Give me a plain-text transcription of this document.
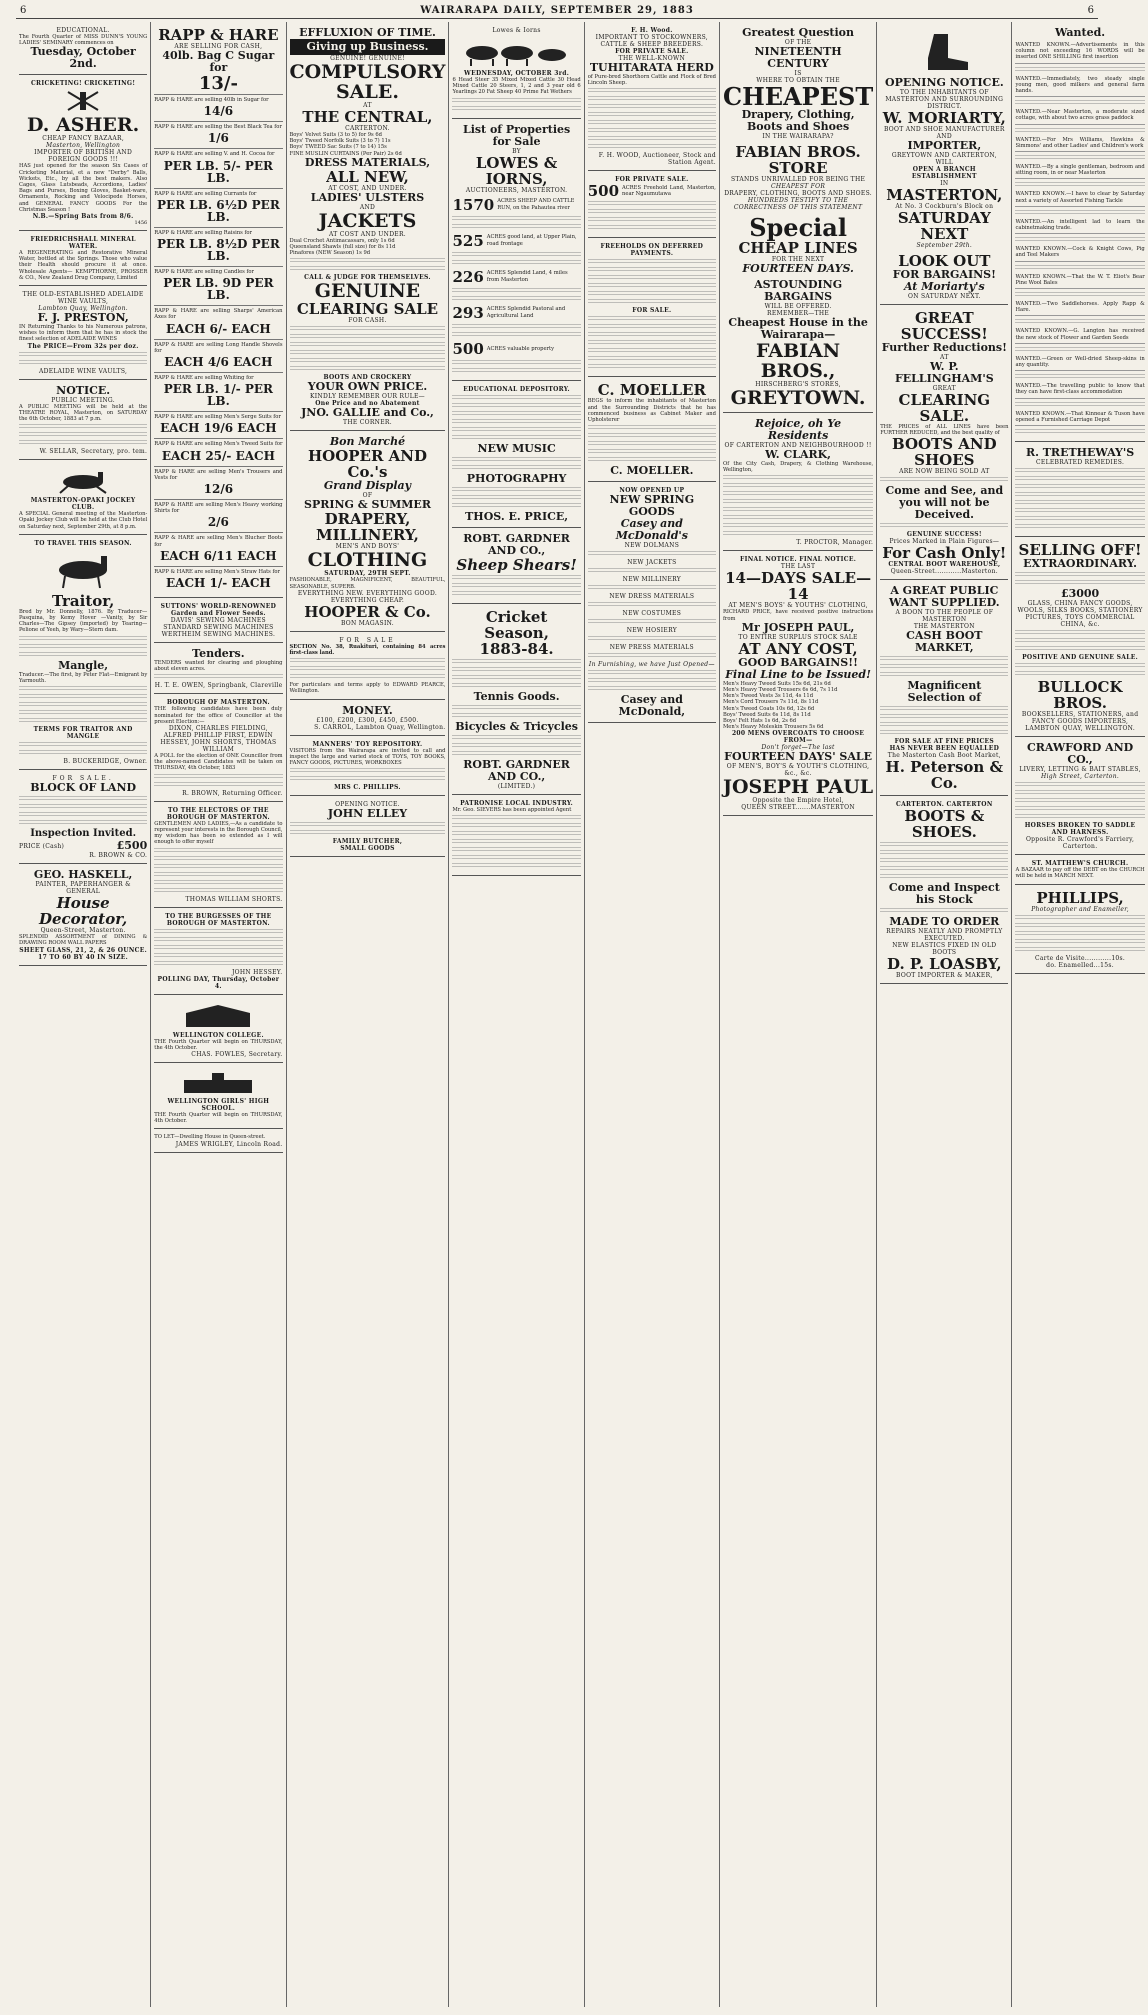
6	WAIRARAPA DAILY, SEPTEMBER 29, 1883	6
EDUCATIONAL.
The Fourth Quarter of MISS DUNN'S YOUNG LADIES' SEMINARY commences on
Tuesday, October 2nd.
CRICKETING! CRICKETING!
D. ASHER.
CHEAP FANCY BAZAAR,
Masterton, Wellington
IMPORTER OF BRITISH AND FOREIGN GOODS !!!
HAS just opened for the season Six Cases of Cricketing Material, et a new "Derby" Balls, Wickets, Etc., by all the best makers. Also Cages, Glass Lutsbeads, Accordions, Ladies' Bags and Purses, Boxing Gloves, Basket-ware, Ornaments, Rocking and Velocipede Horses, and GENERAL FANCY GOODS For the Christmas Season !
N.B.—Spring Bats from 8/6.
1456
FRIEDRICHSHALL MINERAL WATER.
A REGENERATING and Restorative Mineral Water, bottled at the Springs. Those who value their Health should procure it at once. Wholesale Agents— KEMPTHORNE, PROSSER & CO., New Zealand Drug Company, Limited
THE OLD-ESTABLISHED ADELAIDE WINE VAULTS,
Lambton Quay, Wellington.
F. J. PRESTON,
IN Returning Thanks to his Numerous patrons, wishes to inform them that he has in stock the finest selection of ADELAIDE WINES
The PRICE—From 32s per doz.
ADELAIDE WINE VAULTS,
NOTICE.
PUBLIC MEETING.
A PUBLIC MEETING will be held at the THEATRE ROYAL, Masterton, on SATURDAY the 6th October, 1883 at 7 p.m.
W. SELLAR, Secretary, pro. tem.
MASTERTON-OPAKI JOCKEY CLUB.
A SPECIAL General meeting of the Masterton-Opaki Jockey Club will be held at the Club Hotel on Saturday next, September 29th, at 8 p.m.
TO TRAVEL THIS SEASON.
Traitor,
Bred by Mr. Donnelly, 1876. By Traducer—Pasquina, by Kemy Hover —Vanity, by Sir Charles—The Gipsey (imported) by Tearing—Pelione of Yeeh, by Wary—Stern dam.
Mangle,
Traducer.—The first, by Peter Flat—Emigrant by Yarmouth.
TERMS FOR TRAITOR AND MANGLE
B. BUCKERIDGE, Owner.
FOR SALE.
BLOCK OF LAND
Inspection Invited.
PRICE (Cash)	£500
R. BROWN & CO.
GEO. HASKELL,
PAINTER, PAPERHANGER & GENERAL
House Decorator,
Queen-Street, Masterton.
SPLENDID ASSORTMENT of DINING & DRAWING ROOM WALL PAPERS
SHEET GLASS, 21, 2, & 26 OUNCE. 17 TO 60 BY 40 IN SIZE.
RAPP & HARE
ARE SELLING FOR CASH,
40lb. Bag C Sugar for
13/-
RAPP & HARE are selling 40lb in Sugar for
14/6
RAPP & HARE are selling the Best Black Tea for
1/6
RAPP & HARE are selling V. and H. Cocoa for
PER LB. 5/- PER LB.
RAPP & HARE are selling Currants for
PER LB. 6½D PER LB.
RAPP & HARE are selling Raisins for
PER LB. 8½D PER LB.
RAPP & HARE are selling Candles for
PER LB. 9D PER LB.
RAPP & HARE are selling Sharps' American Axes for
EACH 6/- EACH
RAPP & HARE are selling Long Handle Shovels for
EACH 4/6 EACH
RAPP & HARE are selling Whiting for
PER LB. 1/- PER LB.
RAPP & HARE are selling Men's Serge Suits for
EACH 19/6 EACH
RAPP & HARE are selling Men's Tweed Suits for
EACH 25/- EACH
RAPP & HARE are selling Men's Trousers and Vests for
12/6
RAPP & HARE are selling Men's Heavy working Shirts for
2/6
RAPP & HARE are selling Men's Blucher Boots for
EACH 6/11 EACH
RAPP & HARE are selling Men's Straw Hats for
EACH 1/- EACH
SUTTONS' WORLD-RENOWNED Garden and Flower Seeds.
DAVIS' SEWING MACHINES STANDARD SEWING MACHINES WERTHEIM SEWING MACHINES.
Tenders.
TENDERS wanted for clearing and ploughing about eleven acres.
H. T. E. OWEN, Springbank, Clareville
BOROUGH OF MASTERTON.
THE following candidates have been duly nominated for the office of Councillor at the present Election:—
DIXON, CHARLES FIELDING, ALFRED PHILLIP FIRST, EDWIN HESSEY, JOHN SHORTS, THOMAS WILLIAM
A POLL for the election of ONE Councillor from the above-named Candidates will be taken on THURSDAY, 4th October, 1883
R. BROWN, Returning Officer.
TO THE ELECTORS OF THE BOROUGH OF MASTERTON.
GENTLEMEN AND LADIES,—As a candidate to represent your interests in the Borough Council, my wisdom has been so extended as I will enough to offer myself
THOMAS WILLIAM SHORTS.
TO THE BURGESSES OF THE BOROUGH OF MASTERTON.
JOHN HESSEY.
POLLING DAY, Thursday, October 4.
WELLINGTON COLLEGE.
THE Fourth Quarter will begin on THURSDAY, the 4th October.
CHAS. FOWLES, Secretary.
WELLINGTON GIRLS' HIGH SCHOOL.
THE Fourth Quarter will begin on THURSDAY, 4th October.
TO LET—Dwelling House in Queen-street.
JAMES WRIGLEY, Lincoln Road.
EFFLUXION OF TIME.
Giving up Business.
GENUINE! GENUINE!
COMPULSORY
SALE.
AT
THE CENTRAL,
CARTERTON.
Boys' Velvet Suits (3 to 5) for 9s 6d
Boys' Tweed Norfolk Suits (3 to 7) 11s
Boys' TWEED Sac Suits (7 to 14) 15s
FINE MUSLIN CURTAINS (Per Pair) 2s 6d
DRESS MATERIALS,
ALL NEW,
AT COST, AND UNDER.
LADIES' ULSTERS
AND
JACKETS
AT COST AND UNDER.
Dual Crochet Antimacassars, only 1s 6d
Queensland Shawls (full size) for 8s 11d
Pinafores (NEW Season) 1s 9d
CALL & JUDGE FOR THEMSELVES.
GENUINE
CLEARING SALE
FOR CASH.
BOOTS AND CROCKERY
YOUR OWN PRICE.
KINDLY REMEMBER OUR RULE—
One Price and no Abatement
JNO. GALLIE and Co.,
THE CORNER.
Bon Marché
HOOPER AND Co.'s
Grand Display
OF
SPRING & SUMMER
DRAPERY,
MILLINERY,
MEN'S AND BOYS'
CLOTHING
SATURDAY, 29TH SEPT.
FASHIONABLE, MAGNIFICENT, BEAUTIFUL, SEASONABLE, SUPERB.
EVERYTHING NEW. EVERYTHING GOOD. EVERYTHING CHEAP.
HOOPER & Co.
BON MAGASIN.
FOR SALE
SECTION No. 38, Ruakituri, containing 84 acres first-class land.
For particulars and terms apply to EDWARD PEARCE, Wellington.
MONEY.
£100, £200, £300, £450, £500.
S. CARROL, Lambton Quay, Wellington.
MANNERS' TOY REPOSITORY.
VISITORS from the Wairarapa are invited to call and inspect the large and varied stock of TOYS, TOY BOOKS, FANCY GOODS, PICTURES, WORKBOXES
MRS C. PHILLIPS.
OPENING NOTICE.
JOHN ELLEY
FAMILY BUTCHER,
SMALL GOODS
Lowes & Iorns
WEDNESDAY, OCTOBER 3rd.
6 Head Steer 35 Mixed Mixed Cattle 30 Head Mixed Cattle 20 Steers, 1, 2 and 3 year old 6 Yearlings 20 Fat Sheep 40 Prime Fat Wethers
List of Properties for Sale
BY
LOWES & IORNS,
AUCTIONEERS, MASTERTON.
1570 ACRES SHEEP AND CATTLE RUN, on the Pahautea river
525 ACRES good land, at Upper Plain, road frontage
226 ACRES Splendid Land, 4 miles from Masterton
293 ACRES Splendid Pastoral and Agricultural Land
500 ACRES valuable property
EDUCATIONAL DEPOSITORY.
NEW MUSIC
PHOTOGRAPHY
THOS. E. PRICE,
ROBT. GARDNER AND CO.,
Sheep Shears!
Cricket Season,
1883-84.
Tennis Goods.
Bicycles & Tricycles
ROBT. GARDNER AND CO.,
(LIMITED.)
PATRONISE LOCAL INDUSTRY.
Mr. Geo. SIEVERS has been appointed Agent
F. H. Wood.
IMPORTANT TO STOCKOWNERS, CATTLE & SHEEP BREEDERS.
FOR PRIVATE SALE.
THE WELL-KNOWN
TUHITARATA HERD
of Pure-bred Shorthorn Cattle and Flock of Bred Lincoln Sheep.
F. H. WOOD, Auctioneer, Stock and Station Agent.
FOR PRIVATE SALE.
500 ACRES Freehold Land, Masterton, near Ngaumutawa
FREEHOLDS ON DEFERRED PAYMENTS.
FOR SALE.
C. MOELLER
BEGS to inform the inhabitants of Masterton and the Surrounding Districts that he has commenced business as Cabinet Maker and Upholsterer
C. MOELLER.
NOW OPENED UP
NEW SPRING GOODS
Casey and McDonald's
NEW DOLMANS
NEW JACKETS
NEW MILLINERY
NEW DRESS MATERIALS
NEW COSTUMES
NEW HOSIERY
NEW PRESS MATERIALS
In Furnishing, we have Just Opened—
Casey and McDonald,
Greatest Question
OF THE
NINETEENTH CENTURY
IS
WHERE TO OBTAIN THE
CHEAPEST
Drapery, Clothing, Boots and Shoes
IN THE WAIRARAPA?
FABIAN BROS. STORE
STANDS UNRIVALLED FOR BEING THE
CHEAPEST FOR
DRAPERY, CLOTHING, BOOTS AND SHOES.
HUNDREDS TESTIFY TO THE CORRECTNESS OF THIS STATEMENT
Special
CHEAP LINES
FOR THE NEXT
FOURTEEN DAYS.
ASTOUNDING BARGAINS
WILL BE OFFERED.
REMEMBER—THE
Cheapest House in the Wairarapa—
FABIAN BROS.,
HIRSCHBERG'S STORES,
GREYTOWN.
Rejoice, oh Ye Residents
OF CARTERTON AND NEIGHBOURHOOD !!
W. CLARK,
Of the City Cash, Drapery, & Clothing Warehouse, Wellington,
T. PROCTOR, Manager.
FINAL NOTICE. FINAL NOTICE.
THE LAST
14—DAYS SALE—14
AT MEN'S BOYS' & YOUTHS' CLOTHING,
RICHARD PRICE, have received positive instructions from
Mr JOSEPH PAUL,
TO ENTIRE SURPLUS STOCK SALE
AT ANY COST,
GOOD BARGAINS!!
Final Line to be Issued!
Men's Heavy Tweed Suits 15s 6d, 21s 6d
Men's Heavy Tweed Trousers 6s 6d, 7s 11d
Men's Tweed Vests 3s 11d, 4s 11d
Men's Cord Trousers 7s 11d, 8s 11d
Men's Tweed Coats 10s 6d, 12s 6d
Boys' Tweed Suits 6s 11d, 8s 11d
Boys' Felt Hats 1s 6d, 2s 6d
Men's Heavy Moleskin Trousers 5s 6d
200 MENS OVERCOATS TO CHOOSE FROM—
Don't forget—The last
FOURTEEN DAYS' SALE
OF MEN'S, BOY'S & YOUTH'S CLOTHING, &c., &c.
JOSEPH PAUL
Opposite the Empire Hotel,
QUEEN STREET.......MASTERTON
OPENING NOTICE.
TO THE INHABITANTS OF MASTERTON AND SURROUNDING DISTRICT.
W. MORIARTY,
BOOT AND SHOE MANUFACTURER AND
IMPORTER,
GREYTOWN AND CARTERTON,
WILL
OPEN A BRANCH ESTABLISHMENT
IN
MASTERTON,
At No. 3 Cockburn's Block on
SATURDAY NEXT
September 29th.
LOOK OUT
FOR BARGAINS!
At Moriarty's
ON SATURDAY NEXT.
GREAT SUCCESS!
Further Reductions!
AT
W. P. FELLINGHAM'S
GREAT
CLEARING SALE.
THE PRICES of ALL LINES have been FURTHER REDUCED, and the best quality of
BOOTS AND SHOES
ARE NOW BEING SOLD AT
Come and See, and you will not be Deceived.
GENUINE SUCCESS!
Prices Marked in Plain Figures—
For Cash Only!
CENTRAL BOOT WAREHOUSE,
Queen-Street............Masterton.
A GREAT PUBLIC WANT SUPPLIED.
A BOON TO THE PEOPLE OF MASTERTON
THE MASTERTON
CASH BOOT MARKET,
Magnificent Selection of
FOR SALE AT FINE PRICES
HAS NEVER BEEN EQUALLED
The Masterton Cash Boot Market,
H. Peterson & Co.
CARTERTON. CARTERTON
BOOTS & SHOES.
Come and Inspect his Stock
MADE TO ORDER
REPAIRS NEATLY AND PROMPTLY EXECUTED.
NEW ELASTICS FIXED IN OLD BOOTS
D. P. LOASBY,
BOOT IMPORTER & MAKER,
Wanted.
WANTED KNOWN.—Advertisements in this column not exceeding 16 WORDS will be inserted ONE SHILLING first insertion
WANTED.—Immediately, two steady single young men, good milkers and general farm hands.
WANTED.—Near Masterton, a moderate sized cottage, with about two acres grass paddock
WANTED.—For Mrs Williams, Hawkins & Simmons' and other Ladies' and Children's work
WANTED.—By a single gentleman, bedroom and sitting room, in or near Masterton
WANTED KNOWN.—I have to clear by Saturday next a variety of Assorted Fishing Tackle
WANTED.—An intelligent lad to learn the cabinetmaking trade.
WANTED KNOWN.—Cock & Knight Cows, Pig and Teel Makers
WANTED KNOWN.—That the W. T. Eliot's Bear Pine Wool Bales
WANTED.—Two Saddlehorses. Apply Rapp & Hare.
WANTED KNOWN.—G. Langton has received the new stock of Flower and Garden Seeds
WANTED.—Green or Well-dried Sheep-skins in any quantity.
WANTED.—The travelling public to know that they can have first-class accommodation
WANTED KNOWN.—That Kinnear & Tuson have opened a Furnished Carriage Depot
R. TRETHEWAY'S
CELEBRATED REMEDIES.
SELLING OFF!
EXTRAORDINARY.
£3000
GLASS, CHINA FANCY GOODS, WOOLS, SILKS BOOKS, STATIONERY PICTURES, TOYS COMMERCIAL CHINA, &c.
POSITIVE AND GENUINE SALE.
BULLOCK BROS.
BOOKSELLERS, STATIONERS, and FANCY GOODS IMPORTERS,
LAMBTON QUAY, WELLINGTON.
CRAWFORD AND CO.,
LIVERY, LETTING & BAIT STABLES,
High Street, Carterton.
HORSES BROKEN TO SADDLE AND HARNESS.
Opposite R. Crawford's Farriery, Carterton.
ST. MATTHEW'S CHURCH.
A BAZAAR to pay off the DEBT on the CHURCH will be held in MARCH NEXT.
PHILLIPS,
Photographer and Enameller,
Carte de Visite............10s.
do. Enamelled...15s.
